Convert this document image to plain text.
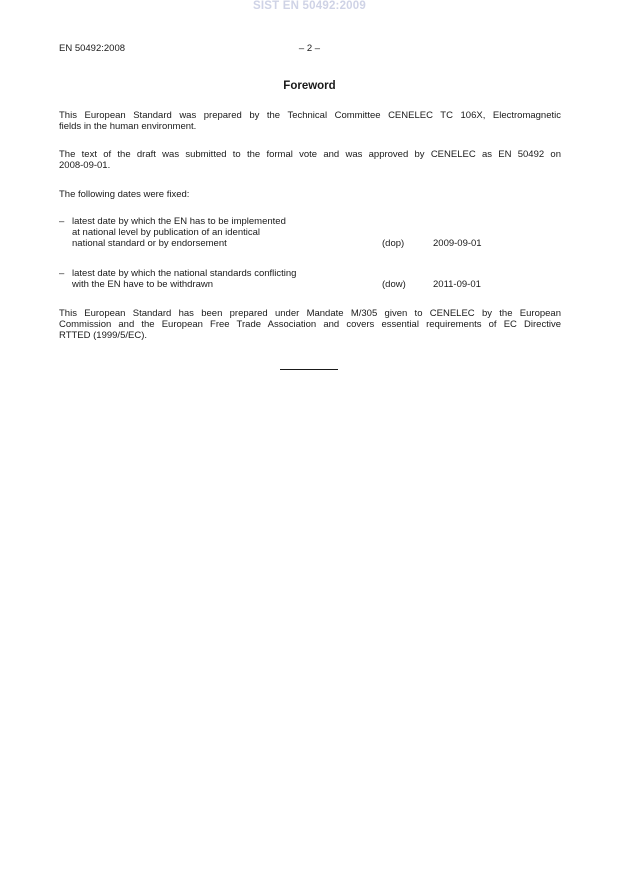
SIST EN 50492:2009
EN 50492:2008	– 2 –
Foreword
This European Standard was prepared by the Technical Committee CENELEC TC 106X, Electromagnetic
fields in the human environment.
The text of the draft was submitted to the formal vote and was approved by CENELEC as EN 50492 on
2008-09-01.
The following dates were fixed:
– latest date by which the EN has to be implemented
at national level by publication of an identical
national standard or by endorsement	(dop)	2009-09-01
– latest date by which the national standards conflicting
with the EN have to be withdrawn	(dow)	2011-09-01
This European Standard has been prepared under Mandate M/305 given to CENELEC by the European
Commission and the European Free Trade Association and covers essential requirements of EC Directive
RTTED (1999/5/EC).
